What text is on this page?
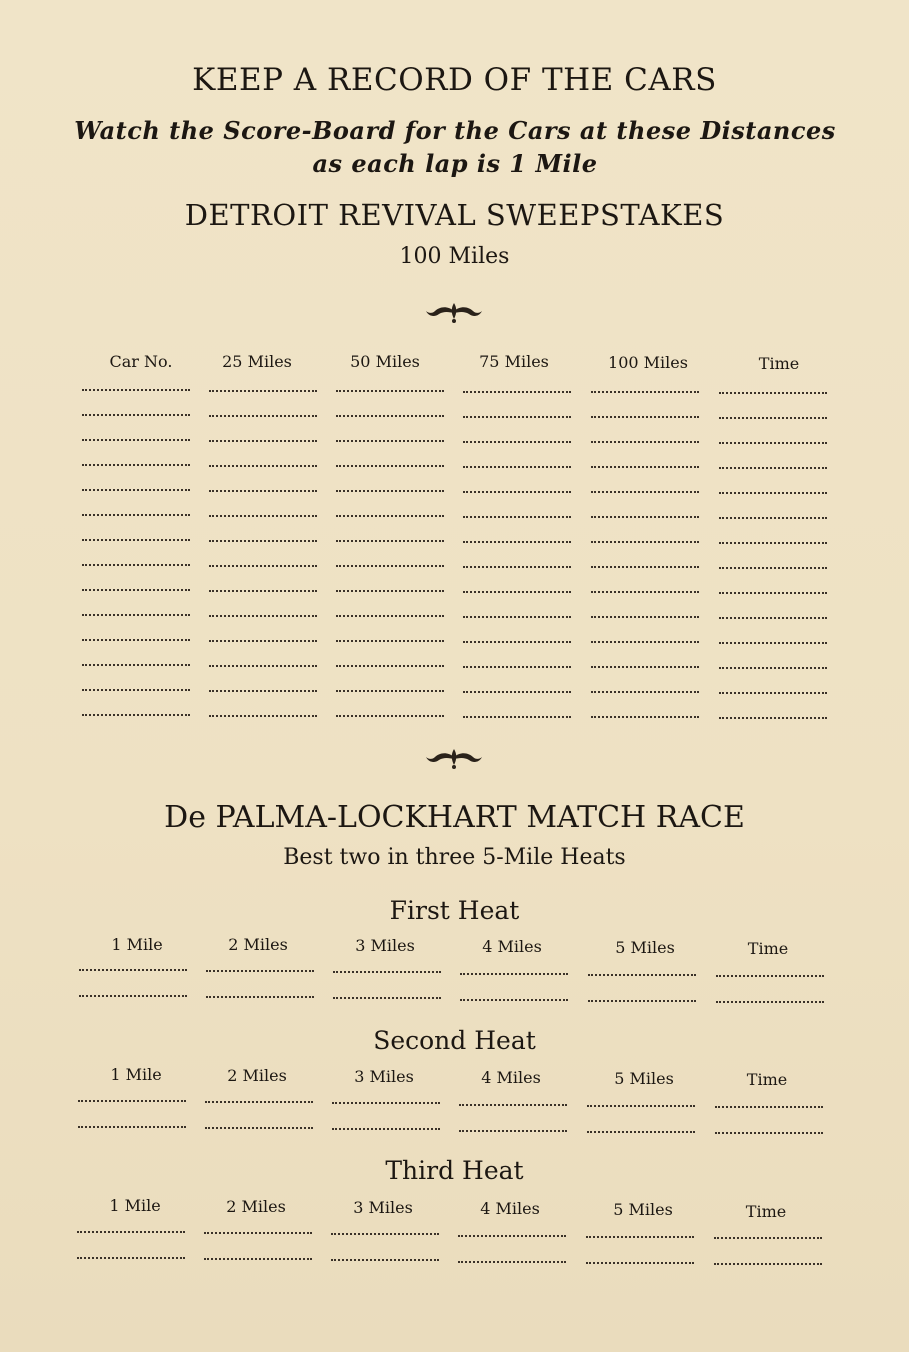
KEEP A RECORD OF THE CARS
Watch the Score-Board for the Cars at these Distances as each lap is 1 Mile
DETROIT REVIVAL SWEEPSTAKES
100 Miles
Car No.	25 Miles	50 Miles	75 Miles	100 Miles	Time
De PALMA-LOCKHART MATCH RACE
Best two in three 5-Mile Heats
First Heat
1 Mile	2 Miles	3 Miles	4 Miles	5 Miles	Time
Second Heat
1 Mile	2 Miles	3 Miles	4 Miles	5 Miles	Time
Third Heat
1 Mile	2 Miles	3 Miles	4 Miles	5 Miles	Time
